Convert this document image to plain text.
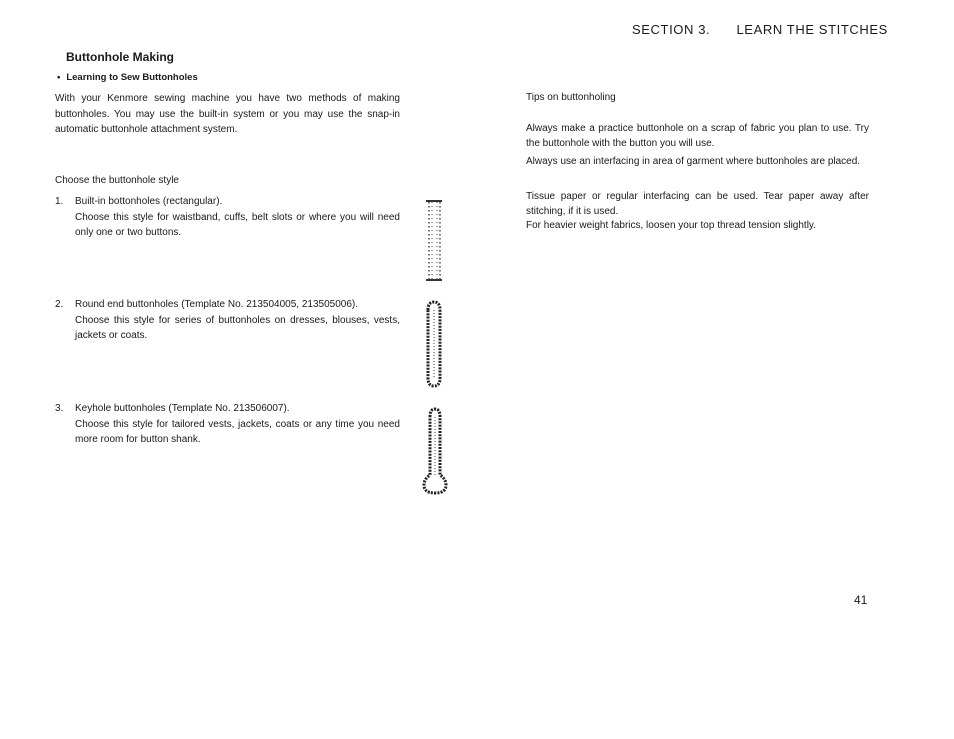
SECTION 3. LEARN THE STITCHES
Buttonhole Making
• Learning to Sew Buttonholes

With your Kenmore sewing machine you have two methods of making buttonholes. You may use the built-in system or you may use the snap-in automatic buttonhole attachment system.

Choose the buttonhole style
1. Built-in bottonholes (rectangular).
Choose this style for waistband, cuffs, belt slots or where you will need only one or two buttons.
2. Round end buttonholes (Template No. 213504005, 213505006).
Choose this style for series of buttonholes on dresses, blouses, vests, jackets or coats.
3. Keyhole buttonholes (Template No. 213506007).
Choose this style for tailored vests, jackets, coats or any time you need more room for button shank.
Tips on buttonholing
Always make a practice buttonhole on a scrap of fabric you plan to use. Try the buttonhole with the button you will use.
Always use an interfacing in area of garment where buttonholes are placed.
Tissue paper or regular interfacing can be used. Tear paper away after stitching, if it is used.
For heavier weight fabrics, loosen your top thread tension slightly.
41
